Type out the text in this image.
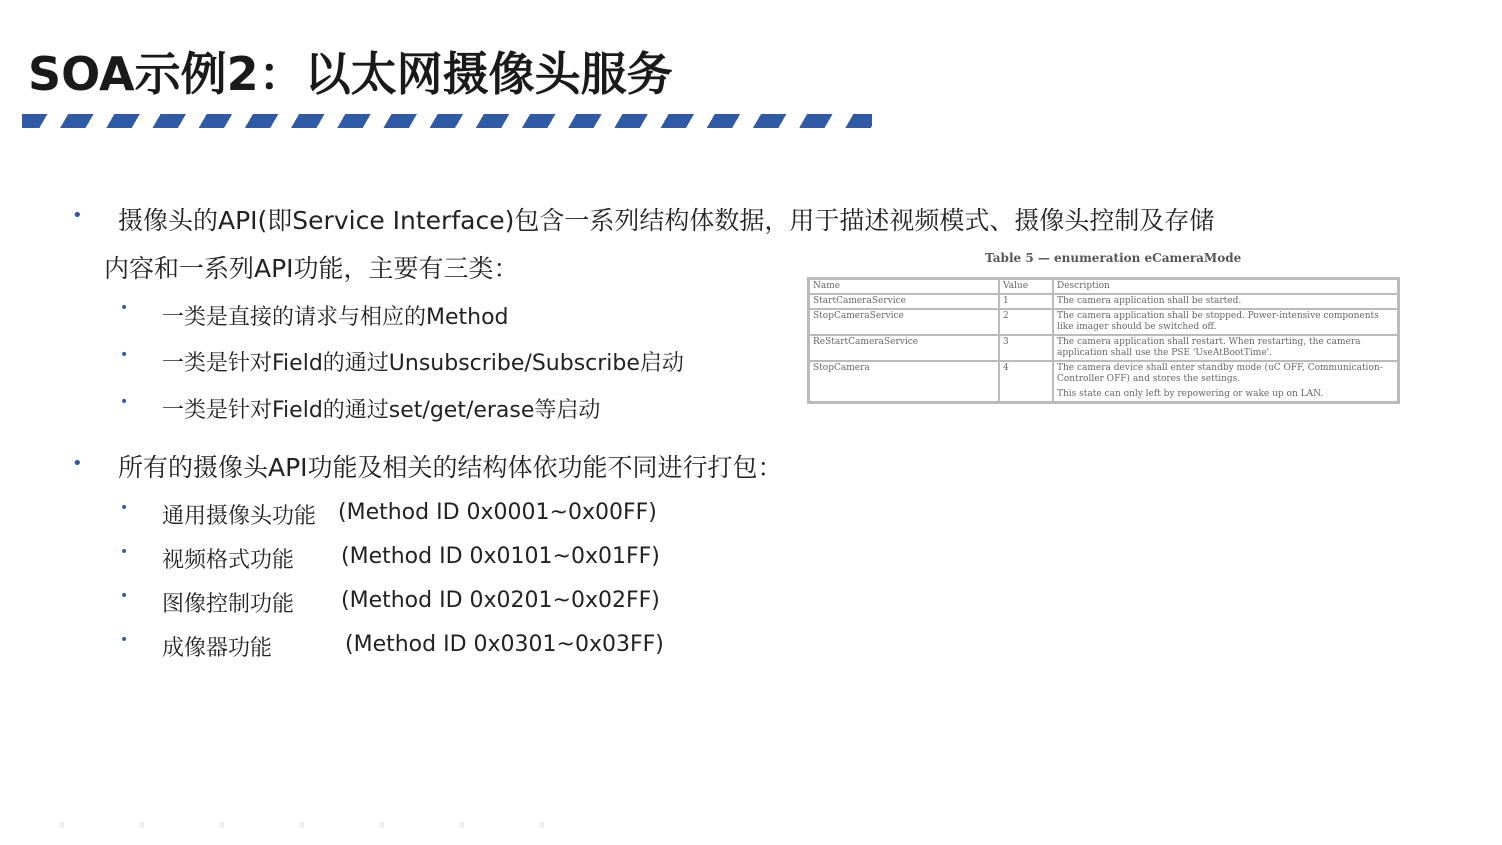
SOA示例2：以太网摄像头服务
• 摄像头的API(即Service Interface)包含一系列结构体数据，用于描述视频模式、摄像头控制及存储
内容和一系列API功能，主要有三类：
• 一类是直接的请求与相应的Method
• 一类是针对Field的通过Unsubscribe/Subscribe启动
• 一类是针对Field的通过set/get/erase等启动
• 所有的摄像头API功能及相关的结构体依功能不同进行打包：
• 通用摄像头功能 (Method ID 0x0001~0x00FF)
• 视频格式功能 (Method ID 0x0101~0x01FF)
• 图像控制功能 (Method ID 0x0201~0x02FF)
• 成像器功能	(Method ID 0x0301~0x03FF)
Table 5 — enumeration eCameraMode
Name	Value	Description
StartCameraService	1	The camera application shall be started.
StopCameraService	2	The camera application shall be stopped. Power-intensive components like imager should be switched off.
ReStartCameraService	3	The camera application shall restart. When restarting, the camera application shall use the PSE 'UseAtBootTime'.
StopCamera	4	The camera device shall enter standby mode (uC OFF, Communication-Controller OFF) and stores the settings.
This state can only left by repowering or wake up on LAN.
